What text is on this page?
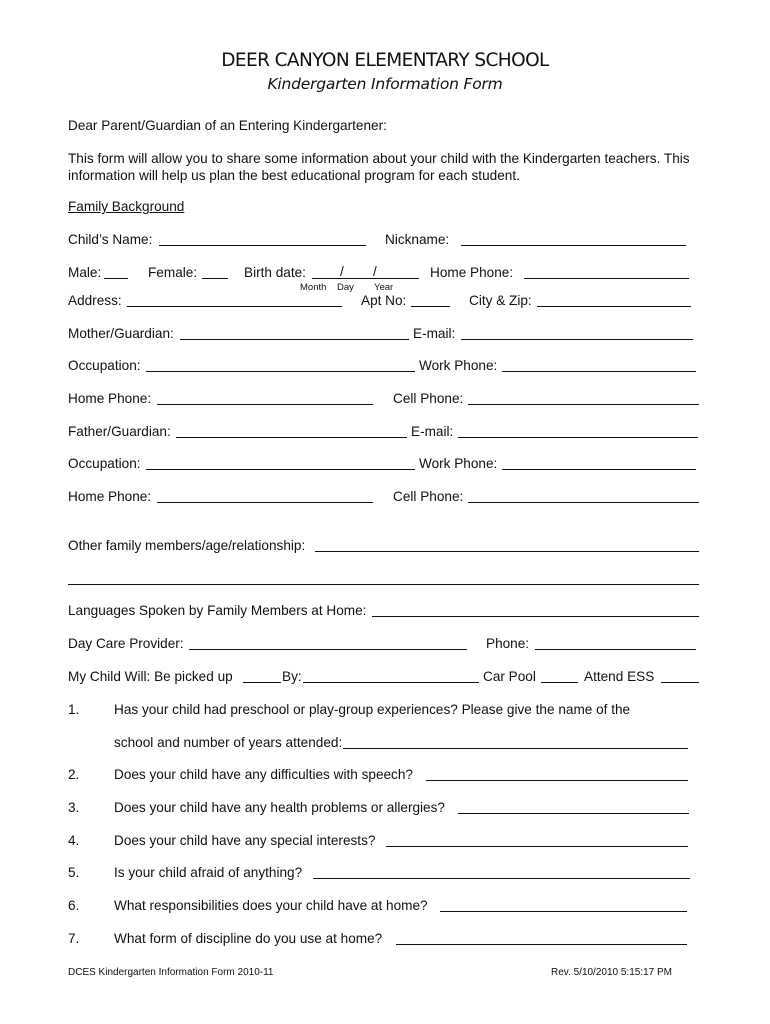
DEER CANYON ELEMENTARY SCHOOL
Kindergarten Information Form
Dear Parent/Guardian of an Entering Kindergartener:
This form will allow you to share some information about your child with the Kindergarten teachers. This information will help us plan the best educational program for each student.
Family Background
Child’s Name:	Nickname:
Male:	Female:	Birth date:	/ /	Home Phone:
Month Day Year
Address:	Apt No:	City & Zip:
Mother/Guardian:	E-mail:
Occupation:	Work Phone:
Home Phone:	Cell Phone:
Father/Guardian:	E-mail:
Occupation:	Work Phone:
Home Phone:	Cell Phone:
Other family members/age/relationship:
Languages Spoken by Family Members at Home:
Day Care Provider:	Phone:
My Child Will: Be picked up	By:	Car Pool	Attend ESS
1.	Has your child had preschool or play-group experiences? Please give the name of the
school and number of years attended:
2.	Does your child have any difficulties with speech?
3.	Does your child have any health problems or allergies?
4.	Does your child have any special interests?
5.	Is your child afraid of anything?
6.	What responsibilities does your child have at home?
7.	What form of discipline do you use at home?
DCES Kindergarten Information Form 2010-11	Rev. 5/10/2010 5:15:17 PM
